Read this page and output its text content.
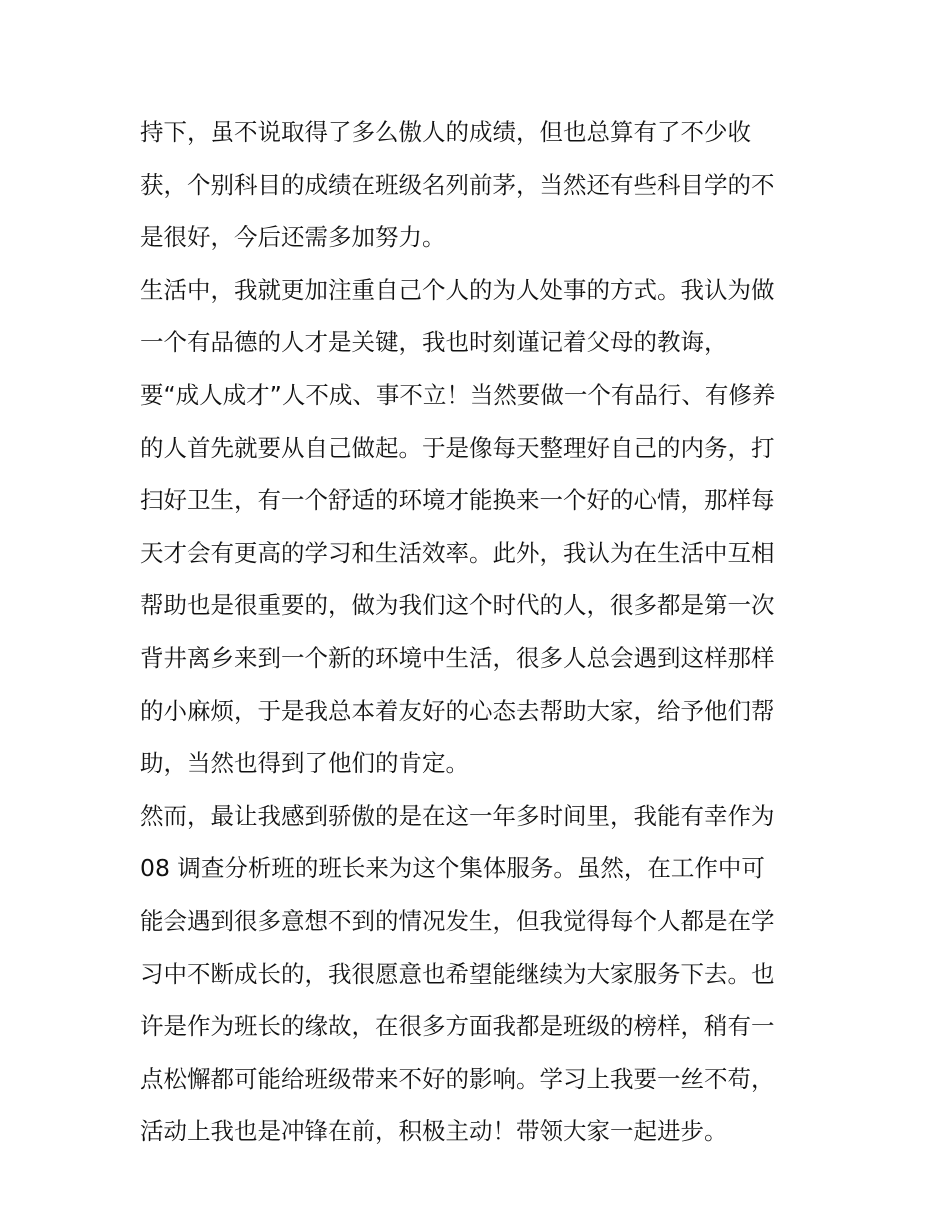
持下，虽不说取得了多么傲人的成绩，但也总算有了不少收
获，个别科目的成绩在班级名列前茅，当然还有些科目学的不
是很好，今后还需多加努力。
生活中，我就更加注重自己个人的为人处事的方式。我认为做
一个有品德的人才是关键，我也时刻谨记着父母的教诲，
要“成人成才”人不成、事不立！当然要做一个有品行、有修养
的人首先就要从自己做起。于是像每天整理好自己的内务，打
扫好卫生，有一个舒适的环境才能换来一个好的心情，那样每
天才会有更高的学习和生活效率。此外，我认为在生活中互相
帮助也是很重要的，做为我们这个时代的人，很多都是第一次
背井离乡来到一个新的环境中生活，很多人总会遇到这样那样
的小麻烦，于是我总本着友好的心态去帮助大家，给予他们帮
助，当然也得到了他们的肯定。
然而，最让我感到骄傲的是在这一年多时间里，我能有幸作为
08 调查分析班的班长来为这个集体服务。虽然，在工作中可
能会遇到很多意想不到的情况发生，但我觉得每个人都是在学
习中不断成长的，我很愿意也希望能继续为大家服务下去。也
许是作为班长的缘故，在很多方面我都是班级的榜样，稍有一
点松懈都可能给班级带来不好的影响。学习上我要一丝不苟，
活动上我也是冲锋在前，积极主动！带领大家一起进步。
